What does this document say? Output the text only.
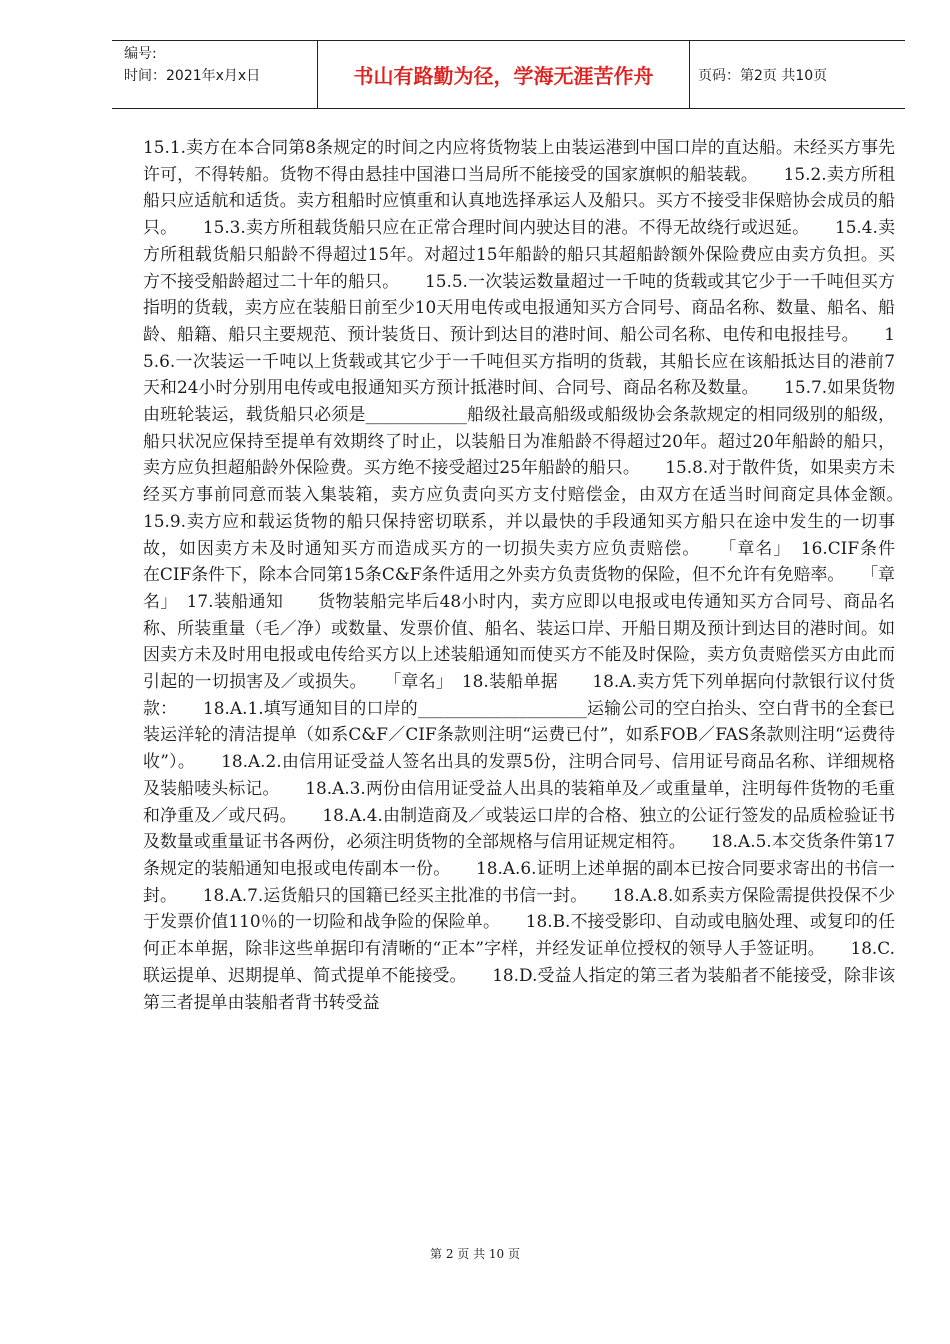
编号:
时间：2021年x月x日	书山有路勤为径，学海无涯苦作舟	页码：第2页 共10页

15.1.卖方在本合同第8条规定的时间之内应将货物装上由装运港到中国口岸的直达船。未经买方事先许可，不得转船。货物不得由悬挂中国港口当局所不能接受的国家旗帜的船装载。　　15.2.卖方所租船只应适航和适货。卖方租船时应慎重和认真地选择承运人及船只。买方不接受非保赔协会成员的船只。　　15.3.卖方所租载货船只应在正常合理时间内驶达目的港。不得无故绕行或迟延。　　15.4.卖方所租载货船只船龄不得超过15年。对超过15年船龄的船只其超船龄额外保险费应由卖方负担。买方不接受船龄超过二十年的船只。　　15.5.一次装运数量超过一千吨的货载或其它少于一千吨但买方指明的货载，卖方应在装船日前至少10天用电传或电报通知买方合同号、商品名称、数量、船名、船龄、船籍、船只主要规范、预计装货日、预计到达目的港时间、船公司名称、电传和电报挂号。　　15.6.一次装运一千吨以上货载或其它少于一千吨但买方指明的货载，其船长应在该船抵达目的港前7天和24小时分别用电传或电报通知买方预计抵港时间、合同号、商品名称及数量。　　15.7.如果货物由班轮装运，载货船只必须是____________船级社最高船级或船级协会条款规定的相同级别的船级，船只状况应保持至提单有效期终了时止，以装船日为准船龄不得超过20年。超过20年船龄的船只，卖方应负担超船龄外保险费。买方绝不接受超过25年船龄的船只。　　15.8.对于散件货，如果卖方未经买方事前同意而装入集装箱，卖方应负责向买方支付赔偿金，由双方在适当时间商定具体金额。　　15.9.卖方应和载运货物的船只保持密切联系，并以最快的手段通知买方船只在途中发生的一切事故，如因卖方未及时通知买方而造成买方的一切损失卖方应负责赔偿。　　「章名」　16.CIF条件　　在CIF条件下，除本合同第15条C&F条件适用之外卖方负责货物的保险，但不允许有免赔率。　　「章名」　17.装船通知　　货物装船完毕后48小时内，卖方应即以电报或电传通知买方合同号、商品名称、所装重量（毛／净）或数量、发票价值、船名、装运口岸、开船日期及预计到达目的港时间。如因卖方未及时用电报或电传给买方以上述装船通知而使买方不能及时保险，卖方负责赔偿买方由此而引起的一切损害及／或损失。　　「章名」　18.装船单据　　18.A.卖方凭下列单据向付款银行议付货款：　　18.A.1.填写通知目的口岸的____________________运输公司的空白抬头、空白背书的全套已装运洋轮的清洁提单（如系C&F／CIF条款则注明“运费已付”，如系FOB／FAS条款则注明“运费待收”）。　　18.A.2.由信用证受益人签名出具的发票5份，注明合同号、信用证号商品名称、详细规格及装船唛头标记。　　18.A.3.两份由信用证受益人出具的装箱单及／或重量单，注明每件货物的毛重和净重及／或尺码。　　18.A.4.由制造商及／或装运口岸的合格、独立的公证行签发的品质检验证书及数量或重量证书各两份，必须注明货物的全部规格与信用证规定相符。　　18.A.5.本交货条件第17条规定的装船通知电报或电传副本一份。　　18.A.6.证明上述单据的副本已按合同要求寄出的书信一封。　　18.A.7.运货船只的国籍已经买主批准的书信一封。　　18.A.8.如系卖方保险需提供投保不少于发票价值110％的一切险和战争险的保险单。　　18.B.不接受影印、自动或电脑处理、或复印的任何正本单据，除非这些单据印有清晰的“正本”字样，并经发证单位授权的领导人手签证明。　　18.C.联运提单、迟期提单、简式提单不能接受。　　18.D.受益人指定的第三者为装船者不能接受，除非该第三者提单由装船者背书转受益

第 2 页 共 10 页
